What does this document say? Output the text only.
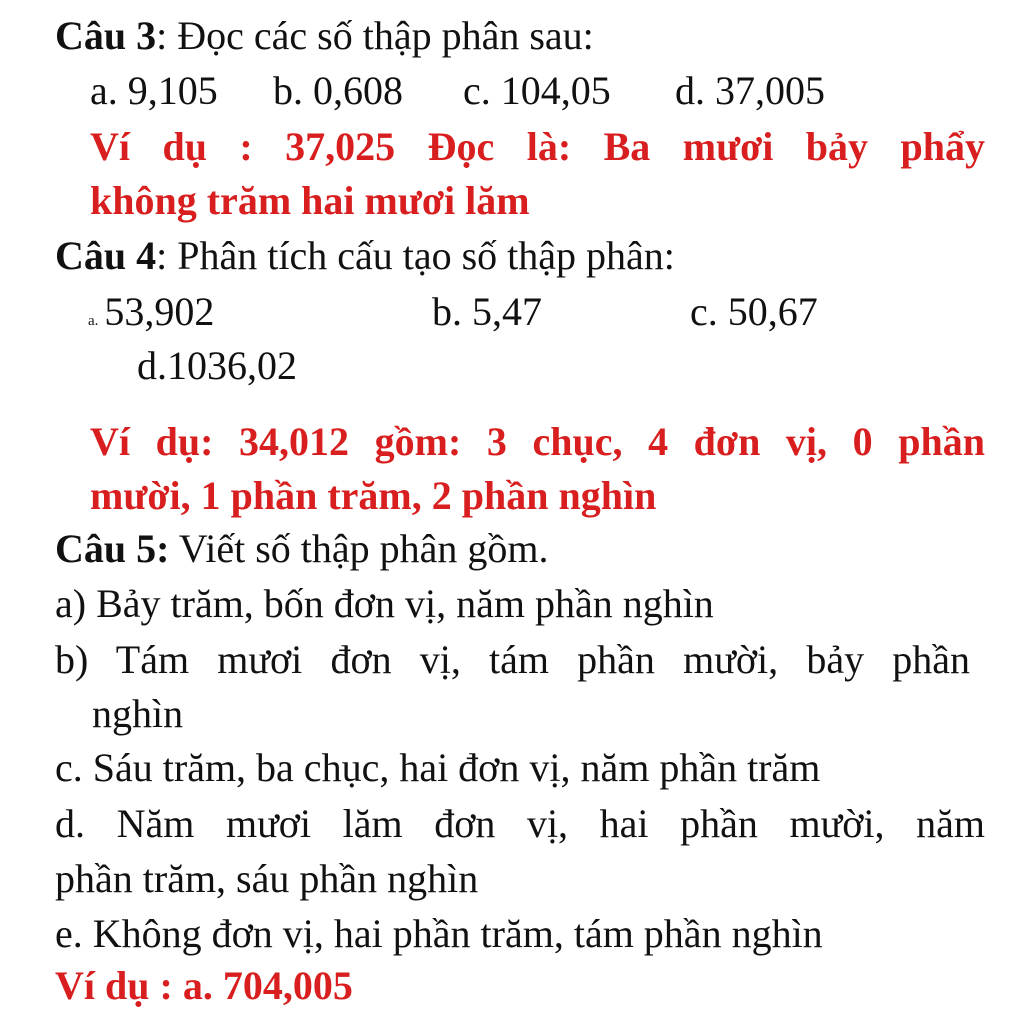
Câu 3: Đọc các số thập phân sau:
a. 9,105 b. 0,608 c. 104,05 d. 37,005
Ví dụ : 37,025 Đọc là: Ba mươi bảy phẩy
không trăm hai mươi lăm
Câu 4: Phân tích cấu tạo số thập phân:
a. 53,902	b. 5,47	c. 50,67
d.1036,02
Ví dụ: 34,012 gồm: 3 chục, 4 đơn vị, 0 phần
mười, 1 phần trăm, 2 phần nghìn
Câu 5: Viết số thập phân gồm.
a) Bảy trăm, bốn đơn vị, năm phần nghìn
b) Tám mươi đơn vị, tám phần mười, bảy phần
nghìn
c. Sáu trăm, ba chục, hai đơn vị, năm phần trăm
d. Năm mươi lăm đơn vị, hai phần mười, năm
phần trăm, sáu phần nghìn
e. Không đơn vị, hai phần trăm, tám phần nghìn
Ví dụ : a. 704,005
